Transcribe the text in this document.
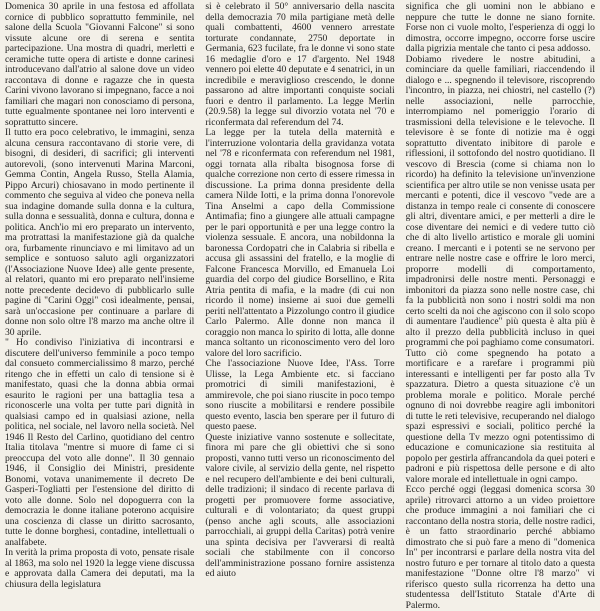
Domenica 30 aprile in una festosa ed affollata cornice di pubblico soprattutto femminile, nel salone della Scuola "Giovanni Falcone" si sono vissute alcune ore di serena e sentita partecipazione. Una mostra di quadri, merletti e ceramiche tutte opera di artiste e donne carinesi introducevano dall'atrio al salone dove un video raccontava di donne e ragazze che in questa Carini vivono lavorano si impegnano, facce a noi familiari che magari non conosciamo di persona, tutte egualmente spontanee nei loro interventi e soprattutto sincere.

Il tutto era poco celebrativo, le immagini, senza alcuna censura raccontavano di storie vere, di bisogni, di desideri, di sacrifici; gli interventi autorevoli, (sono intervenuti Marina Marconi, Gemma Contin, Angela Russo, Stella Alamia, Pippo Arcuri) chiosavano in modo pertinente il commento che seguiva al video che poneva nella sua indagine domande sulla donna e la cultura, sulla donna e sessualità, donna e cultura, donna e politica. Anch'io mi ero preparato un intervento, ma protrattasi la manifestazione già da qualche ora, furbamente rinunciavo e mi limitavo ad un semplice e sontuoso saluto agli organizzatori (l'Associazione Nuove Idee) alle gente presente, al relatori, quanto mi ero preparato nell'insieme notte precedente decidevo di pubblicarlo sulle pagine di "Carini Oggi" così idealmente, pensai, sarà un'occasione per continuare a parlare di donne non solo oltre l'8 marzo ma anche oltre il 30 aprile.

" Ho condiviso l'iniziativa di incontrarsi e discutere dell'universo femminile a poco tempo dal consueto commercialissimo 8 marzo, perché ritengo che in effetti un calo di tensione si è manifestato, quasi che la donna abbia ormai esaurito le ragioni per una battaglia tesa a riconoscerle una volta per tutte pari dignità in qualsiasi campo ed in qualsiasi azione, nella politica, nel sociale, nel lavoro nella società. Nel 1946 Il Resto del Carlino, quotidiano del centro Italia titolava "mentre si muore di fame ci si preoccupa del voto alle donne". Il 30 gennaio 1946, il Consiglio dei Ministri, presidente Bonomi, votava unanimemente il decreto De Gasperi-Togliatti per l'estensione del diritto di voto alle donne. Solo nel dopoguerra con la democrazia le donne italiane poterono acquisire una coscienza di classe un diritto sacrosanto, tutte le donne borghesi, contadine, intellettuali o analfabete.

In verità la prima proposta di voto, pensate risale al 1863, ma solo nel 1920 la legge viene discussa e approvata dalla Camera dei deputati, ma la chiusura della legislatura

si è celebrato il 50° anniversario della nascita della democrazia 70 mila partigiane metà delle quali combattenti, 4600 vennero arrestate torturate condannate, 2750 deportate in Germania, 623 fucilate, fra le donne vi sono state 16 medaglie d'oro e 17 d'argento. Nel 1948 vennero poi elette 40 deputate e 4 senatrici, in un incredibile e meraviglioso crescendo, le donne passarono ad altre importanti conquiste sociali fuori e dentro il parlamento. La legge Merlin (20.9.58) la legge sul divorzio votata nel '70 e riconfermata dal referendum del 74.

La legge per la tutela della maternità e l'interruzione volontaria della gravidanza votata nel '78 e riconfermata con referendum nel 1981, oggi tornata alla ribalta bisognosa forse di qualche correzione non certo di essere rimessa in discussione. La prima donna presidente della camera Nilde Iotti, e la prima donna l'onorevole Tina Anselmi a capo della Commissione Antimafia; fino a giungere alle attuali campagne per le pari opportunità e per una legge contro la violenza sessuale. E ancora, una nobildonna la baronessa Cordopatri che in Calabria si ribella e accusa gli assassini del fratello, e la moglie di Falcone Francesca Morvillo, ed Emanuela Loi guardia del corpo del giudice Borsellino, e Rita Atria pentita di mafia, e la madre (di cui non ricordo il nome) insieme ai suoi due gemelli periti nell'attentato a Pizzolungo contro il giudice Carlo Palermo. Alle donne non manca il coraggio non manca lo spirito di lotta, alle donne manca soltanto un riconoscimento vero del loro valore del loro sacrificio.

Che l'associazione Nuove Idee, l'Ass. Torre Ulisse, la Lega Ambiente etc. si facciano promotrici di simili manifestazioni, è ammirevole, che poi siano riuscite in poco tempo sono riuscite a mobilitarsi e rendere possibile questo evento, lascia ben sperare per il futuro di questo paese.

Queste iniziative vanno sostenute e sollecitate, finora mi pare che gli obiettivi che si sono proposti, vanno tutti verso un riconoscimento del valore civile, al servizio della gente, nel rispetto e nel recupero dell'ambiente e dei beni culturali, delle tradizioni; il sindaco di recente parlava di progetti per promuovere forme associative, culturali e di volontariato; da quest gruppi (penso anche agli scouts, alle associazioni parrocchiali, ai gruppi della Caritas) potrà venire una spinta decisiva per l'avverarsi di realtà sociali che stabilmente con il concorso dell'amministrazione possano fornire assistenza ed aiuto

significa che gli uomini non le abbiano e neppure che tutte le donne ne siano fornite. Forse non ci vuole molto, l'esperienza di oggi lo dimostra, occorre impegno, occorre forse uscire dalla pigrizia mentale che tanto ci pesa addosso.

Dobiamo rivedere le nostre abitudini, a cominciare da quelle familiari, riaccendendo il dialogo e ... spegnendo il televisore, riscoprendo l'incontro, in piazza, nei chiostri, nel castello (?) nelle associazioni, nelle parrocchie, interrompiamo nel pomeriggio l'orario di trasmissioni della televisione e le televoche. Il televisore è se fonte di notizie ma è oggi soprattutto diventato inibitore di parole e riflessioni, il sottofondo del nostro quotidiano. Il vescovo di Brescia (come si chiama non lo ricordo) ha definito la televisione un'invenzione scientifica per altro utile se non venisse usata per mercanti e potenti, dice il vescovo "vede are a distanza in tempo reale ci consente di conoscere gli altri, diventare amici, e per metterli a dire le cose diventare dei nemici e di vedere tutto ciò che di alto livello artistico e morale gli uomini creano. I mercanti e i potenti se ne servono per entrare nelle nostre case e offrire le loro merci, proporre modelli di comportamento, impadronirsi delle nostre menti. Personaggi e imbonitori da piazza sono nelle nostre case, chi fa la pubblicità non sono i nostri soldi ma non certo scelti da noi che agiscono con il solo scopo di aumentare l'audience" più questa è alta più è alto il prezzo della pubblicità incluso in quei programmi che poi paghiamo come consumatori.

Tutto ciò come spegnendo ha potato a mortificare e a rarefare i programmi più interessanti e intelligenti per far posto alla Tv spazzatura. Dietro a questa situazione c'è un problema morale e politico. Morale perché ognuno di noi dovrebbe reagire agli imbonitori di tutte le reti televisive, recuperando nel dialogo spazi espressivi e sociali, politico perché la questione della Tv mezzo ogni potentissimo di educazione e comunicazione sia restituita al popolo per gestirla affrancandola da quei poteri e padroni e più rispettosa delle persone e di alto valore morale ed intellettuale in ogni campo.

Ecco perché oggi (leggasi domenica scorsa 30 aprile) ritrovarci attorno a un video proiettore che produce immagini a noi familiari che ci raccontano della nostra storia, delle nostre radici, è un fatto straordinario perché abbiamo dimostrato che si può fare a meno di "domenica In" per incontrarsi e parlare della nostra vita del nostro futuro e per tornare al titolo dato a questa manifestazione "Donne oltre l'8 marzo" vi riferisco questo sulla ricorrenza ha detto una studentessa dell'Istituto Statale d'Arte di Palermo.
